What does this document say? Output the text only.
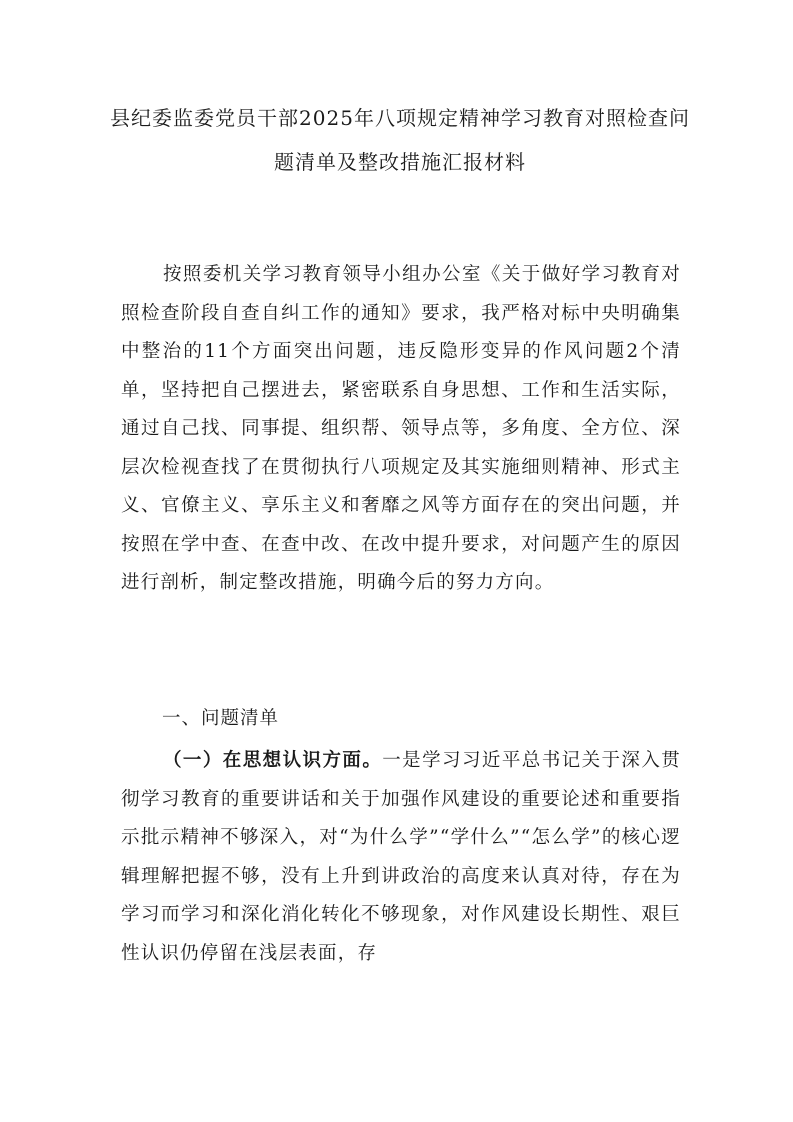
县纪委监委党员干部2025年八项规定精神学习教育对照检查问题清单及整改措施汇报材料
按照委机关学习教育领导小组办公室《关于做好学习教育对照检查阶段自查自纠工作的通知》要求，我严格对标中央明确集中整治的11个方面突出问题，违反隐形变异的作风问题2个清单，坚持把自己摆进去，紧密联系自身思想、工作和生活实际，通过自己找、同事提、组织帮、领导点等，多角度、全方位、深层次检视查找了在贯彻执行八项规定及其实施细则精神、形式主义、官僚主义、享乐主义和奢靡之风等方面存在的突出问题，并按照在学中查、在查中改、在改中提升要求，对问题产生的原因进行剖析，制定整改措施，明确今后的努力方向。
一、问题清单
（一）在思想认识方面。一是学习习近平总书记关于深入贯彻学习教育的重要讲话和关于加强作风建设的重要论述和重要指示批示精神不够深入，对“为什么学”“学什么”“怎么学”的核心逻辑理解把握不够，没有上升到讲政治的高度来认真对待，存在为学习而学习和深化消化转化不够现象，对作风建设长期性、艰巨性认识仍停留在浅层表面，存
